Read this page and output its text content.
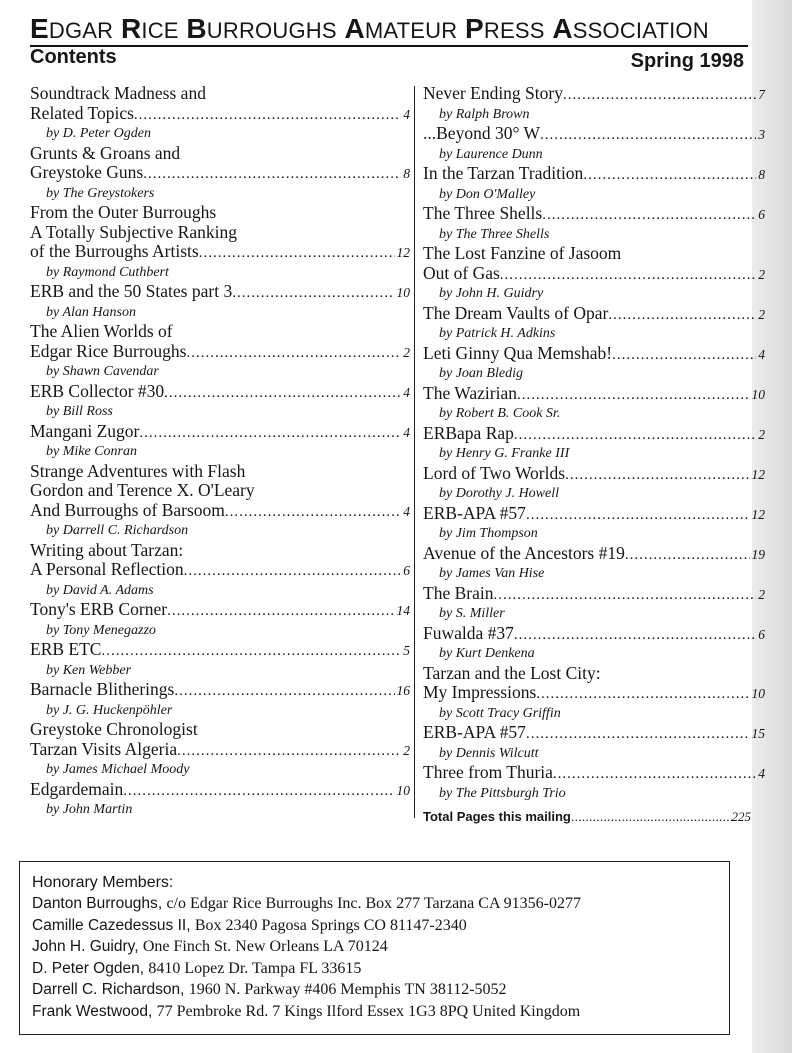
EDGAR RICE BURROUGHS AMATEUR PRESS ASSOCIATION
Contents	Spring 1998
Soundtrack Madness and
Related Topics .....	4
by D. Peter Ogden
Grunts & Groans and
Greystoke Guns .....	8
by The Greystokers
From the Outer Burroughs
A Totally Subjective Ranking
of the Burroughs Artists .....	12
by Raymond Cuthbert
ERB and the 50 States part 3 .....	10
by Alan Hanson
The Alien Worlds of
Edgar Rice Burroughs .....	2
by Shawn Cavendar
ERB Collector #30 .....	4
by Bill Ross
Mangani Zugor .....	4
by Mike Conran
Strange Adventures with Flash
Gordon and Terence X. O'Leary
And Burroughs of Barsoom .....	4
by Darrell C. Richardson
Writing about Tarzan:
A Personal Reflection .....	6
by David A. Adams
Tony's ERB Corner .....	14
by Tony Menegazzo
ERB ETC .....	5
by Ken Webber
Barnacle Blitherings .....	16
by J. G. Huckenpöhler
Greystoke Chronologist
Tarzan Visits Algeria .....	2
by James Michael Moody
Edgardemain .....	10
by John Martin
Never Ending Story .....	7
by Ralph Brown
...Beyond 30° W .....	3
by Laurence Dunn
In the Tarzan Tradition .....	8
by Don O'Malley
The Three Shells .....	6
by The Three Shells
The Lost Fanzine of Jasoom
Out of Gas .....	2
by John H. Guidry
The Dream Vaults of Opar .....	2
by Patrick H. Adkins
Leti Ginny Qua Memshab! .....	4
by Joan Bledig
The Wazirian .....	10
by Robert B. Cook Sr.
ERBapa Rap .....	2
by Henry G. Franke III
Lord of Two Worlds .....	12
by Dorothy J. Howell
ERB-APA #57 .....	12
by Jim Thompson
Avenue of the Ancestors #19 .....	19
by James Van Hise
The Brain .....	2
by S. Miller
Fuwalda #37 .....	6
by Kurt Denkena
Tarzan and the Lost City:
My Impressions .....	10
by Scott Tracy Griffin
ERB-APA #57 .....	15
by Dennis Wilcutt
Three from Thuria .....	4
by The Pittsburgh Trio
Total Pages this mailing .....	225

Honorary Members:

Danton Burroughs, c/o Edgar Rice Burroughs Inc. Box 277 Tarzana CA 91356-0277
Camille Cazedessus II, Box 2340 Pagosa Springs CO 81147-2340
John H. Guidry, One Finch St. New Orleans LA 70124
D. Peter Ogden, 8410 Lopez Dr. Tampa FL 33615
Darrell C. Richardson, 1960 N. Parkway #406 Memphis TN 38112-5052
Frank Westwood, 77 Pembroke Rd. 7 Kings Ilford Essex 1G3 8PQ United Kingdom
